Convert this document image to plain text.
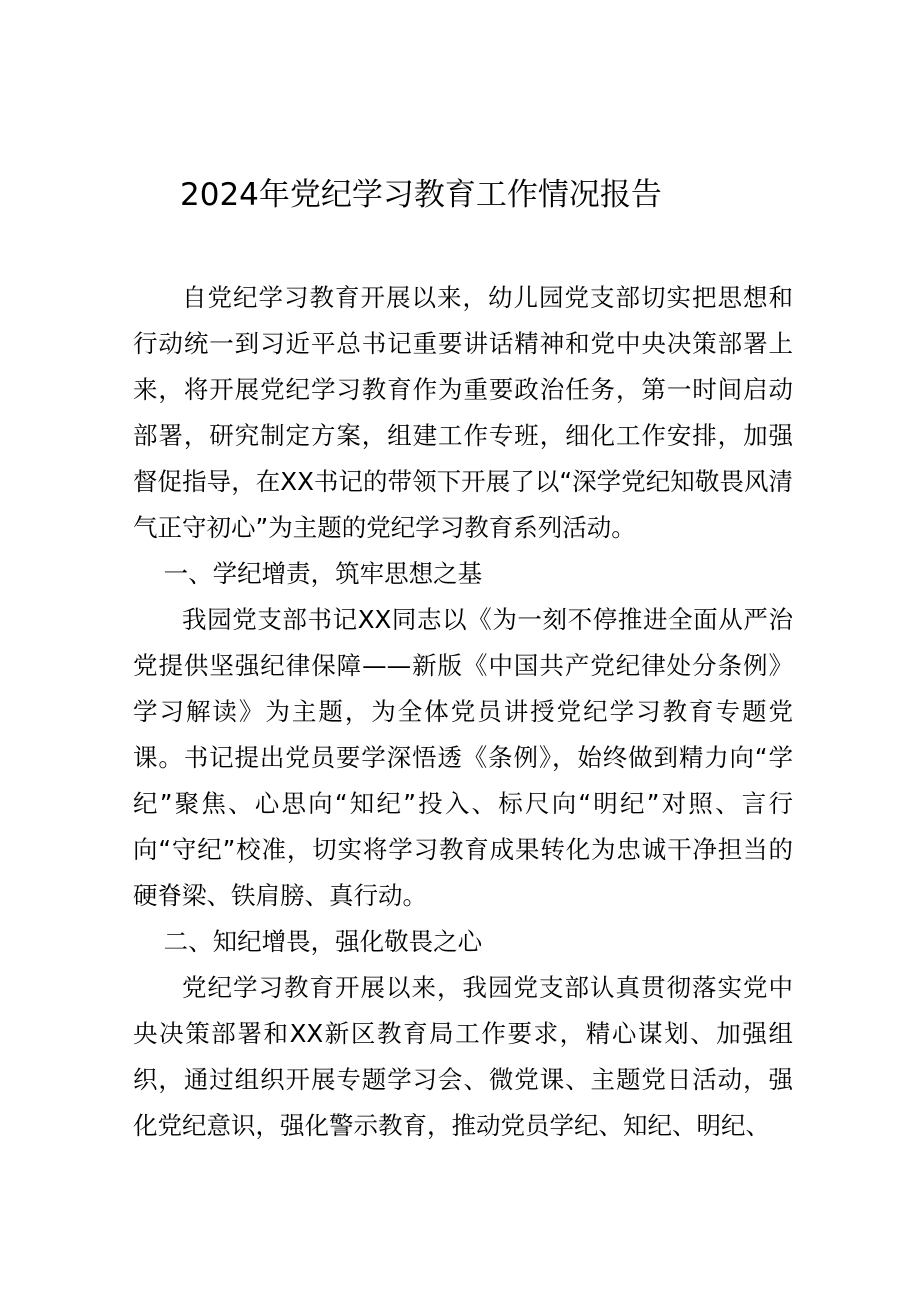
2024年党纪学习教育工作情况报告

自党纪学习教育开展以来，幼儿园党支部切实把思想和行动统一到习近平总书记重要讲话精神和党中央决策部署上来，将开展党纪学习教育作为重要政治任务，第一时间启动部署，研究制定方案，组建工作专班，细化工作安排，加强督促指导，在XX书记的带领下开展了以“深学党纪知敬畏风清气正守初心”为主题的党纪学习教育系列活动。

一、学纪增责，筑牢思想之基

我园党支部书记XX同志以《为一刻不停推进全面从严治党提供坚强纪律保障——新版《中国共产党纪律处分条例》学习解读》为主题，为全体党员讲授党纪学习教育专题党课。书记提出党员要学深悟透《条例》，始终做到精力向“学纪”聚焦、心思向“知纪”投入、标尺向“明纪”对照、言行向“守纪”校准，切实将学习教育成果转化为忠诚干净担当的硬脊梁、铁肩膀、真行动。

二、知纪增畏，强化敬畏之心

党纪学习教育开展以来，我园党支部认真贯彻落实党中央决策部署和XX新区教育局工作要求，精心谋划、加强组织，通过组织开展专题学习会、微党课、主题党日活动，强化党纪意识，强化警示教育，推动党员学纪、知纪、明纪、
